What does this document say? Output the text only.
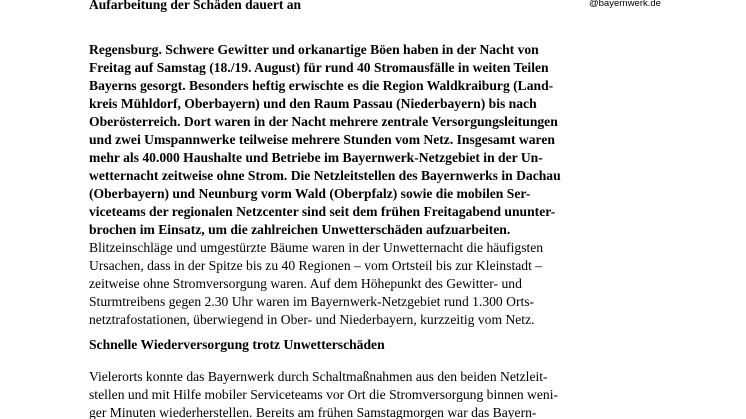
Aufarbeitung der Schäden dauert an	@bayernwerk.de
Regensburg. Schwere Gewitter und orkanartige Böen haben in der Nacht von
Freitag auf Samstag (18./19. August) für rund 40 Stromausfälle in weiten Teilen
Bayerns gesorgt. Besonders heftig erwischte es die Region Waldkraiburg (Land-
kreis Mühldorf, Oberbayern) und den Raum Passau (Niederbayern) bis nach
Oberösterreich. Dort waren in der Nacht mehrere zentrale Versorgungsleitungen
und zwei Umspannwerke teilweise mehrere Stunden vom Netz. Insgesamt waren
mehr als 40.000 Haushalte und Betriebe im Bayernwerk-Netzgebiet in der Un-
wetternacht zeitweise ohne Strom. Die Netzleitstellen des Bayernwerks in Dachau
(Oberbayern) und Neunburg vorm Wald (Oberpfalz) sowie die mobilen Ser-
viceteams der regionalen Netzcenter sind seit dem frühen Freitagabend ununter-
brochen im Einsatz, um die zahlreichen Unwetterschäden aufzuarbeiten.
Blitzeinschläge und umgestürzte Bäume waren in der Unwetternacht die häufigsten
Ursachen, dass in der Spitze bis zu 40 Regionen – vom Ortsteil bis zur Kleinstadt –
zeitweise ohne Stromversorgung waren. Auf dem Höhepunkt des Gewitter- und
Sturmtreibens gegen 2.30 Uhr waren im Bayernwerk-Netzgebiet rund 1.300 Orts-
netztrafostationen, überwiegend in Ober- und Niederbayern, kurzzeitig vom Netz.
Schnelle Wiederversorgung trotz Unwetterschäden
Vielerorts konnte das Bayernwerk durch Schaltmaßnahmen aus den beiden Netzleit-
stellen und mit Hilfe mobiler Serviceteams vor Ort die Stromversorgung binnen weni-
ger Minuten wiederherstellen. Bereits am frühen Samstagmorgen war das Bayern-
